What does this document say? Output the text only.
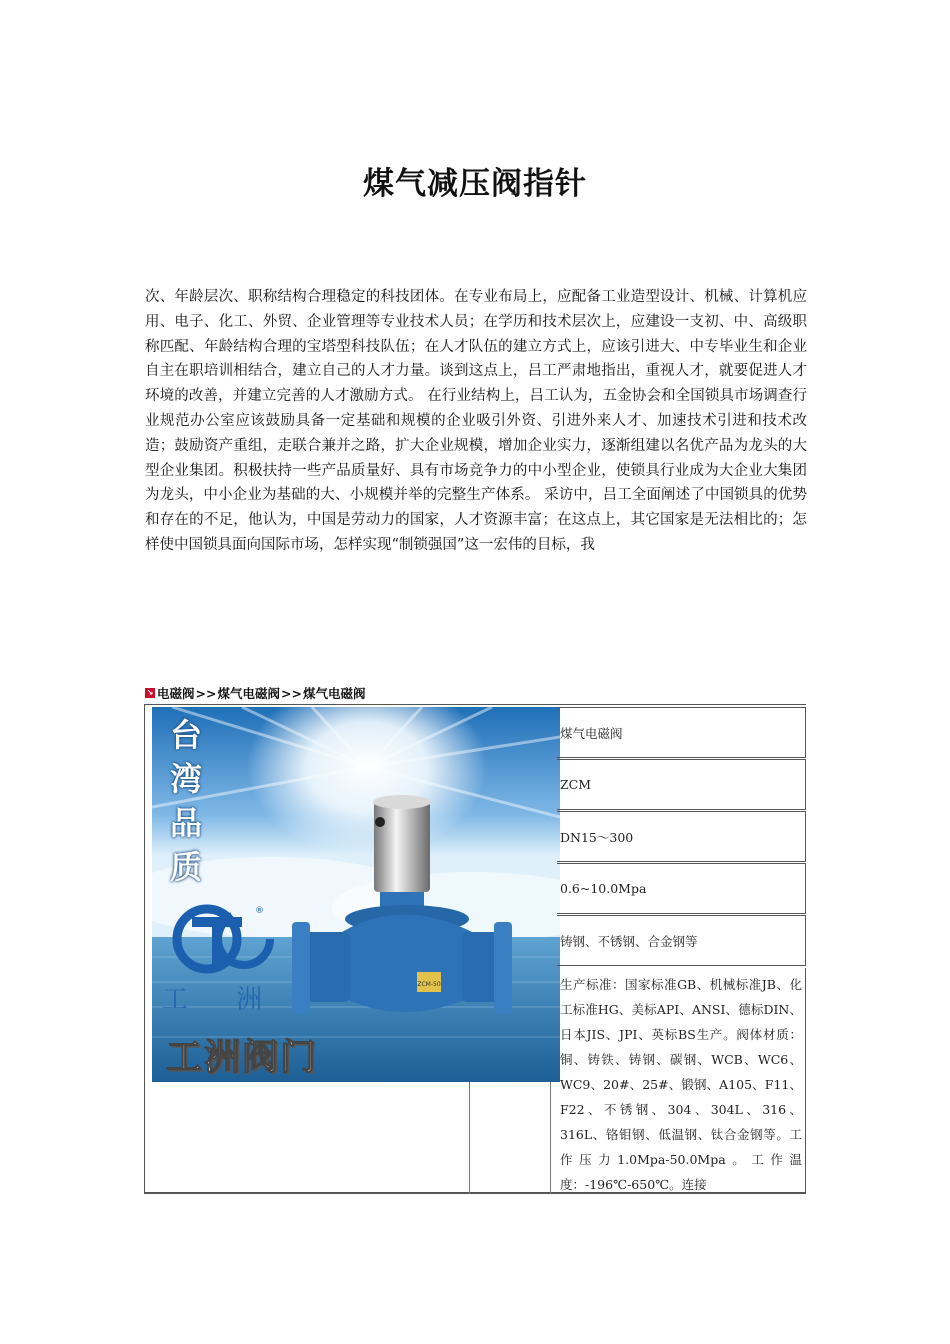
煤气减压阀指针

次、年龄层次、职称结构合理稳定的科技团体。在专业布局上，应配备工业造型设计、机械、计算机应用、电子、化工、外贸、企业管理等专业技术人员；在学历和技术层次上，应建设一支初、中、高级职称匹配、年龄结构合理的宝塔型科技队伍；在人才队伍的建立方式上，应该引进大、中专毕业生和企业自主在职培训相结合，建立自己的人才力量。谈到这点上，吕工严肃地指出，重视人才，就要促进人才环境的改善，并建立完善的人才激励方式。 在行业结构上，吕工认为，五金协会和全国锁具市场调查行业规范办公室应该鼓励具备一定基础和规模的企业吸引外资、引进外来人才、加速技术引进和技术改造；鼓励资产重组，走联合兼并之路，扩大企业规模，增加企业实力，逐渐组建以名优产品为龙头的大型企业集团。积极扶持一些产品质量好、具有市场竞争力的中小型企业，使锁具行业成为大企业大集团为龙头，中小企业为基础的大、小规模并举的完整生产体系。 采访中，吕工全面阐述了中国锁具的优势和存在的不足，他认为，中国是劳动力的国家，人才资源丰富；在这点上，其它国家是无法相比的；怎样使中国锁具面向国际市场，怎样实现“制锁强国”这一宏伟的目标，我

↘ 电磁阀 >> 煤气电磁阀 >> 煤气电磁阀
ZCM-50
®
台
湾
品
质
工 洲
工洲阀门
煤气电磁阀
ZCM
DN15～300
0.6~10.0Mpa
铸钢、不锈钢、合金钢等

生产标准：国家标准GB、机械标准JB、化工标准HG、美标API、ANSI、德标DIN、日本JIS、JPI、英标BS生产。阀体材质：铜、铸铁、铸钢、碳钢、WCB、WC6、WC9、20#、25#、锻钢、A105、F11、F22、不锈钢、304、304L、316、316L、铬钼钢、低温钢、钛合金钢等。工作压力1.0Mpa-50.0Mpa。工作温度：-196℃-650℃。连接
